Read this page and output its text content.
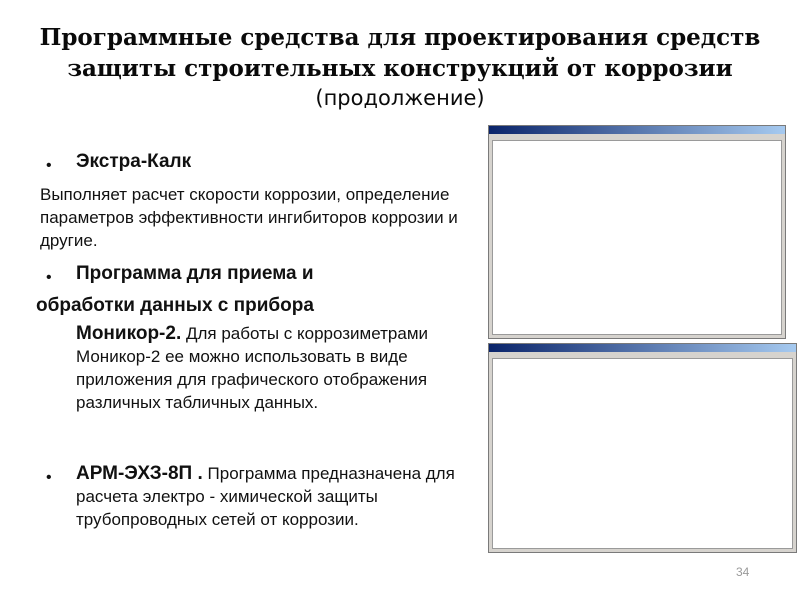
Программные средства для проектирования средств защиты строительных конструкций от коррозии
(продолжение)
• Экстра-Калк
Выполняет расчет скорости коррозии, определение параметров эффективности ингибиторов коррозии и другие.
• Программа для приема и
обработки данных с прибора
Моникор-2. Для работы с коррозиметрами Моникор-2 ее можно использовать в виде приложения для графического отображения различных табличных данных.
• АРМ-ЭХЗ-8П . Программа предназначена для расчета электро - химической защиты трубопроводных сетей от коррозии.
34
